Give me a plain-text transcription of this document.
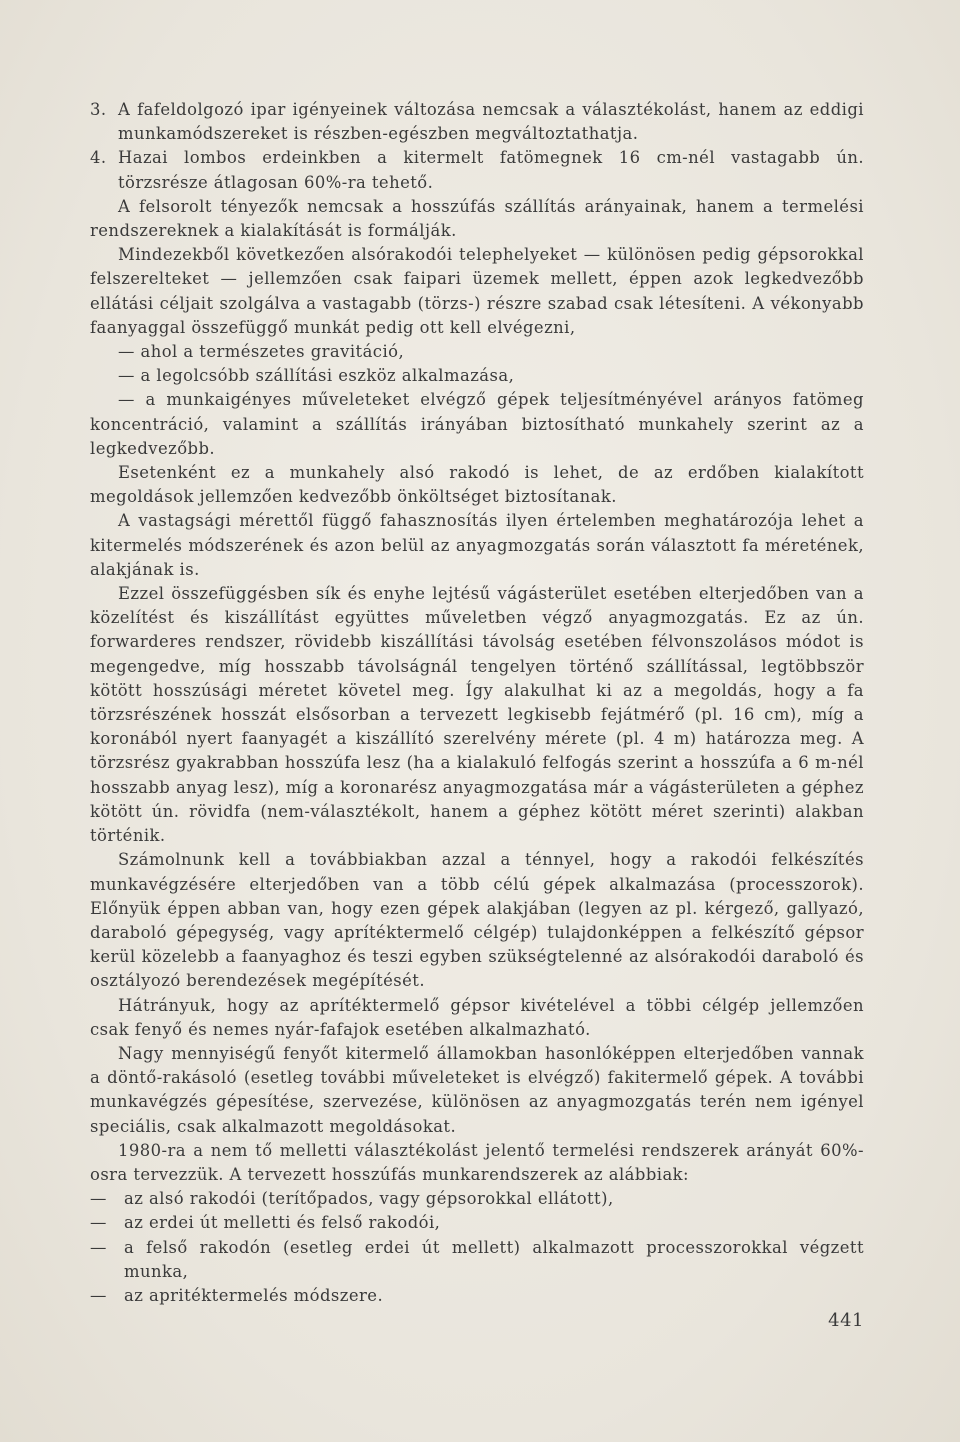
3. A fafeldolgozó ipar igényeinek változása nemcsak a választékolást, hanem az eddigi munkamódszereket is részben-egészben megváltoztathatja.
4. Hazai lombos erdeinkben a kitermelt fatömegnek 16 cm-nél vastagabb ún. törzsrésze átlagosan 60%-ra tehető.

A felsorolt tényezők nemcsak a hosszúfás szállítás arányainak, hanem a termelési rendszereknek a kialakítását is formálják.

Mindezekből következően alsórakodói telephelyeket — különösen pedig gépsorokkal felszerelteket — jellemzően csak faipari üzemek mellett, éppen azok legkedvezőbb ellátási céljait szolgálva a vastagabb (törzs-) részre szabad csak létesíteni. A vékonyabb faanyaggal összefüggő munkát pedig ott kell elvégezni,

— ahol a természetes gravitáció,

— a legolcsóbb szállítási eszköz alkalmazása,

— a munkaigényes műveleteket elvégző gépek teljesítményével arányos fatömeg koncentráció, valamint a szállítás irányában biztosítható munkahely szerint az a legkedvezőbb.

Esetenként ez a munkahely alsó rakodó is lehet, de az erdőben kialakított megoldások jellemzően kedvezőbb önköltséget biztosítanak.

A vastagsági mérettől függő fahasznosítás ilyen értelemben meghatározója lehet a kitermelés módszerének és azon belül az anyagmozgatás során választott fa méretének, alakjának is.

Ezzel összefüggésben sík és enyhe lejtésű vágásterület esetében elterjedőben van a közelítést és kiszállítást együttes műveletben végző anyagmozgatás. Ez az ún. forwarderes rendszer, rövidebb kiszállítási távolság esetében félvonszolásos módot is megengedve, míg hosszabb távolságnál tengelyen történő szállítással, legtöbbször kötött hosszúsági méretet követel meg. Így alakulhat ki az a megoldás, hogy a fa törzsrészének hosszát elsősorban a tervezett legkisebb fejátmérő (pl. 16 cm), míg a koronából nyert faanyagét a kiszállító szerelvény mérete (pl. 4 m) határozza meg. A törzsrész gyakrabban hosszúfa lesz (ha a kialakuló felfogás szerint a hosszúfa a 6 m-nél hosszabb anyag lesz), míg a koronarész anyagmozgatása már a vágásterületen a géphez kötött ún. rövidfa (nem-választékolt, hanem a géphez kötött méret szerinti) alakban történik.

Számolnunk kell a továbbiakban azzal a ténnyel, hogy a rakodói felkészítés munkavégzésére elterjedőben van a több célú gépek alkalmazása (processzorok). Előnyük éppen abban van, hogy ezen gépek alakjában (legyen az pl. kérgező, gallyazó, daraboló gépegység, vagy aprítéktermelő célgép) tulajdonképpen a felkészítő gépsor kerül közelebb a faanyaghoz és teszi egyben szükségtelenné az alsórakodói daraboló és osztályozó berendezések megépítését.

Hátrányuk, hogy az aprítéktermelő gépsor kivételével a többi célgép jellemzően csak fenyő és nemes nyár-fafajok esetében alkalmazható.

Nagy mennyiségű fenyőt kitermelő államokban hasonlóképpen elterjedőben vannak a döntő-rakásoló (esetleg további műveleteket is elvégző) fakitermelő gépek. A további munkavégzés gépesítése, szervezése, különösen az anyagmozgatás terén nem igényel speciális, csak alkalmazott megoldásokat.

1980-ra a nem tő melletti választékolást jelentő termelési rendszerek arányát 60%-osra tervezzük. A tervezett hosszúfás munkarendszerek az alábbiak:

—	az alsó rakodói (terítőpados, vagy gépsorokkal ellátott),
—	az erdei út melletti és felső rakodói,
—	a felső rakodón (esetleg erdei út mellett) alkalmazott processzorokkal végzett munka,
—	az apritéktermelés módszere.
441
